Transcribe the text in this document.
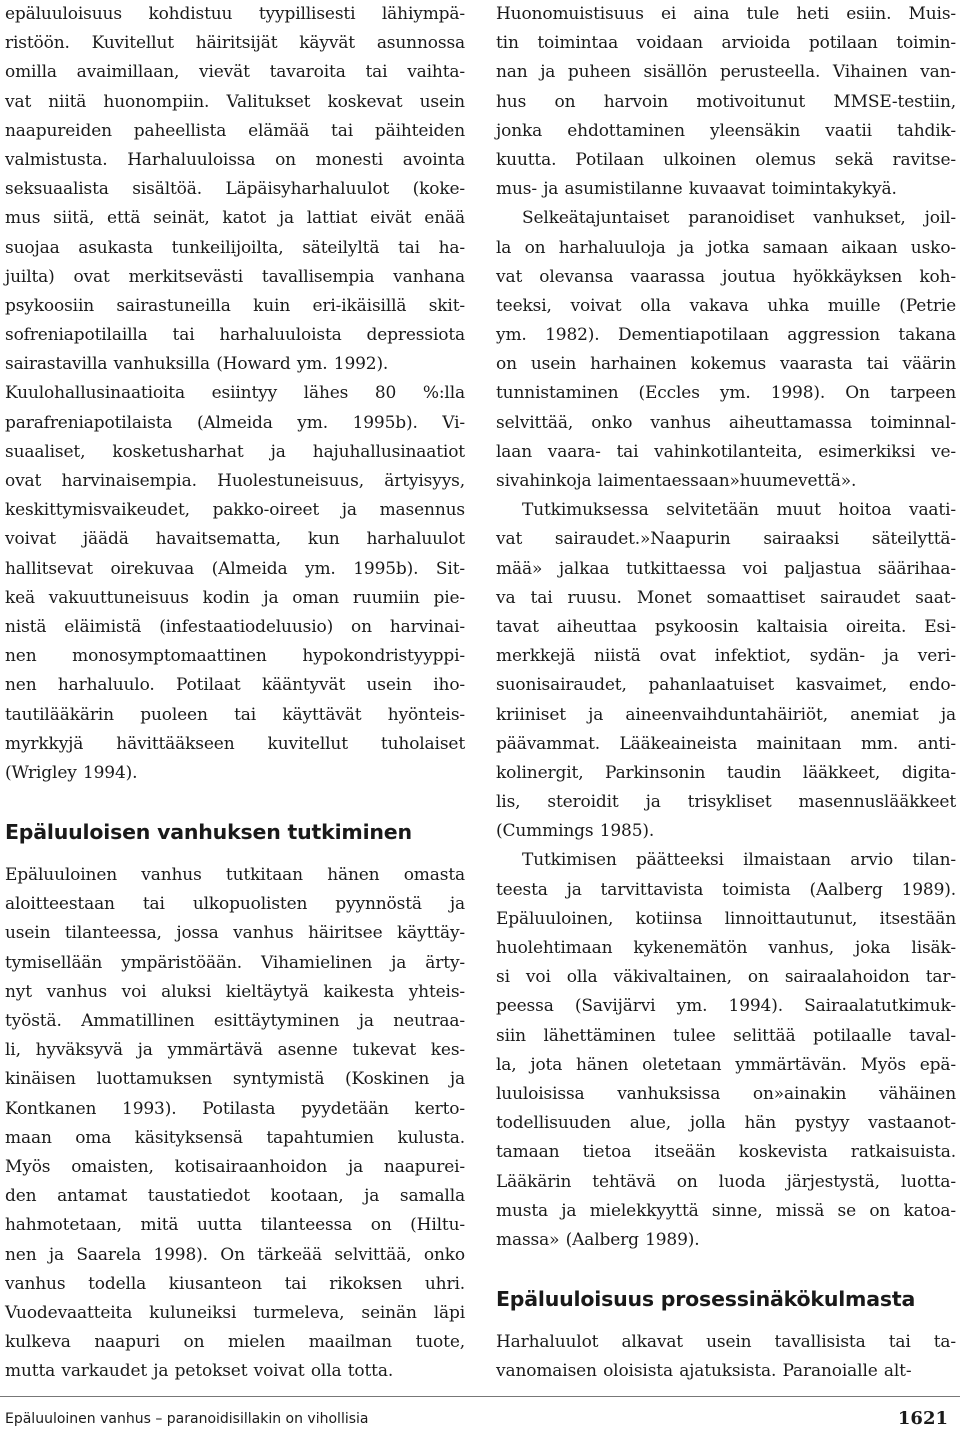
epäluuloisuus kohdistuu tyypillisesti lähiympä-
ristöön. Kuvitellut häiritsijät käyvät asunnossa
omilla avaimillaan, vievät tavaroita tai vaihta-
vat niitä huonompiin. Valitukset koskevat usein
naapureiden paheellista elämää tai päihteiden
valmistusta. Harhaluuloissa on monesti avointa
seksuaalista sisältöä. Läpäisyharhaluulot (koke-
mus siitä, että seinät, katot ja lattiat eivät enää
suojaa asukasta tunkeilijoilta, säteilyltä tai ha-
juilta) ovat merkitsevästi tavallisempia vanhana
psykoosiin sairastuneilla kuin eri-ikäisillä skit-
sofreniapotilailla tai harhaluuloista depressiota
sairastavilla vanhuksilla (Howard ym. 1992).
Kuulohallusinaatioita esiintyy lähes 80 %:lla
parafreniapotilaista (Almeida ym. 1995b). Vi-
suaaliset, kosketusharhat ja hajuhallusinaatiot
ovat harvinaisempia. Huolestuneisuus, ärtyisyys,
keskittymisvaikeudet, pakko-oireet ja masennus
voivat jäädä havaitsematta, kun harhaluulot
hallitsevat oirekuvaa (Almeida ym. 1995b). Sit-
keä vakuuttuneisuus kodin ja oman ruumiin pie-
nistä eläimistä (infestaatiodeluusio) on harvinai-
nen monosymptomaattinen hypokondristyyppi-
nen harhaluulo. Potilaat kääntyvät usein iho-
tautilääkärin puoleen tai käyttävät hyönteis-
myrkkyjä hävittääkseen kuvitellut tuholaiset
(Wrigley 1994).
Epäluuloisen vanhuksen tutkiminen
Epäluuloinen vanhus tutkitaan hänen omasta
aloitteestaan tai ulkopuolisten pyynnöstä ja
usein tilanteessa, jossa vanhus häiritsee käyttäy-
tymisellään ympäristöään. Vihamielinen ja ärty-
nyt vanhus voi aluksi kieltäytyä kaikesta yhteis-
työstä. Ammatillinen esittäytyminen ja neutraa-
li, hyväksyvä ja ymmärtävä asenne tukevat kes-
kinäisen luottamuksen syntymistä (Koskinen ja
Kontkanen 1993). Potilasta pyydetään kerto-
maan oma käsityksensä tapahtumien kulusta.
Myös omaisten, kotisairaanhoidon ja naapurei-
den antamat taustatiedot kootaan, ja samalla
hahmotetaan, mitä uutta tilanteessa on (Hiltu-
nen ja Saarela 1998). On tärkeää selvittää, onko
vanhus todella kiusanteon tai rikoksen uhri.
Vuodevaatteita kuluneiksi turmeleva, seinän läpi
kulkeva naapuri on mielen maailman tuote,
mutta varkaudet ja petokset voivat olla totta.
Huonomuistisuus ei aina tule heti esiin. Muis-
tin toimintaa voidaan arvioida potilaan toimin-
nan ja puheen sisällön perusteella. Vihainen van-
hus on harvoin motivoitunut MMSE-testiin,
jonka ehdottaminen yleensäkin vaatii tahdik-
kuutta. Potilaan ulkoinen olemus sekä ravitse-
mus- ja asumistilanne kuvaavat toimintakykyä.
Selkeätajuntaiset paranoidiset vanhukset, joil-
la on harhaluuloja ja jotka samaan aikaan usko-
vat olevansa vaarassa joutua hyökkäyksen koh-
teeksi, voivat olla vakava uhka muille (Petrie
ym. 1982). Dementiapotilaan aggression takana
on usein harhainen kokemus vaarasta tai väärin
tunnistaminen (Eccles ym. 1998). On tarpeen
selvittää, onko vanhus aiheuttamassa toiminnal-
laan vaara- tai vahinkotilanteita, esimerkiksi ve-
sivahinkoja laimentaessaan»huumevettä».
Tutkimuksessa selvitetään muut hoitoa vaati-
vat sairaudet.»Naapurin sairaaksi säteilyttä-
mää» jalkaa tutkittaessa voi paljastua säärihaa-
va tai ruusu. Monet somaattiset sairaudet saat-
tavat aiheuttaa psykoosin kaltaisia oireita. Esi-
merkkejä niistä ovat infektiot, sydän- ja veri-
suonisairaudet, pahanlaatuiset kasvaimet, endo-
kriiniset ja aineenvaihduntahäiriöt, anemiat ja
päävammat. Lääkeaineista mainitaan mm. anti-
kolinergit, Parkinsonin taudin lääkkeet, digita-
lis, steroidit ja trisykliset masennuslääkkeet
(Cummings 1985).
Tutkimisen päätteeksi ilmaistaan arvio tilan-
teesta ja tarvittavista toimista (Aalberg 1989).
Epäluuloinen, kotiinsa linnoittautunut, itsestään
huolehtimaan kykenemätön vanhus, joka lisäk-
si voi olla väkivaltainen, on sairaalahoidon tar-
peessa (Savijärvi ym. 1994). Sairaalatutkimuk-
siin lähettäminen tulee selittää potilaalle taval-
la, jota hänen oletetaan ymmärtävän. Myös epä-
luuloisissa vanhuksissa on»ainakin vähäinen
todellisuuden alue, jolla hän pystyy vastaanot-
tamaan tietoa itseään koskevista ratkaisuista.
Lääkärin tehtävä on luoda järjestystä, luotta-
musta ja mielekkyyttä sinne, missä se on katoa-
massa» (Aalberg 1989).
Epäluuloisuus prosessinäkökulmasta
Harhaluulot alkavat usein tavallisista tai ta-
vanomaisen oloisista ajatuksista. Paranoialle alt-
Epäluuloinen vanhus – paranoidisillakin on vihollisia	1621
